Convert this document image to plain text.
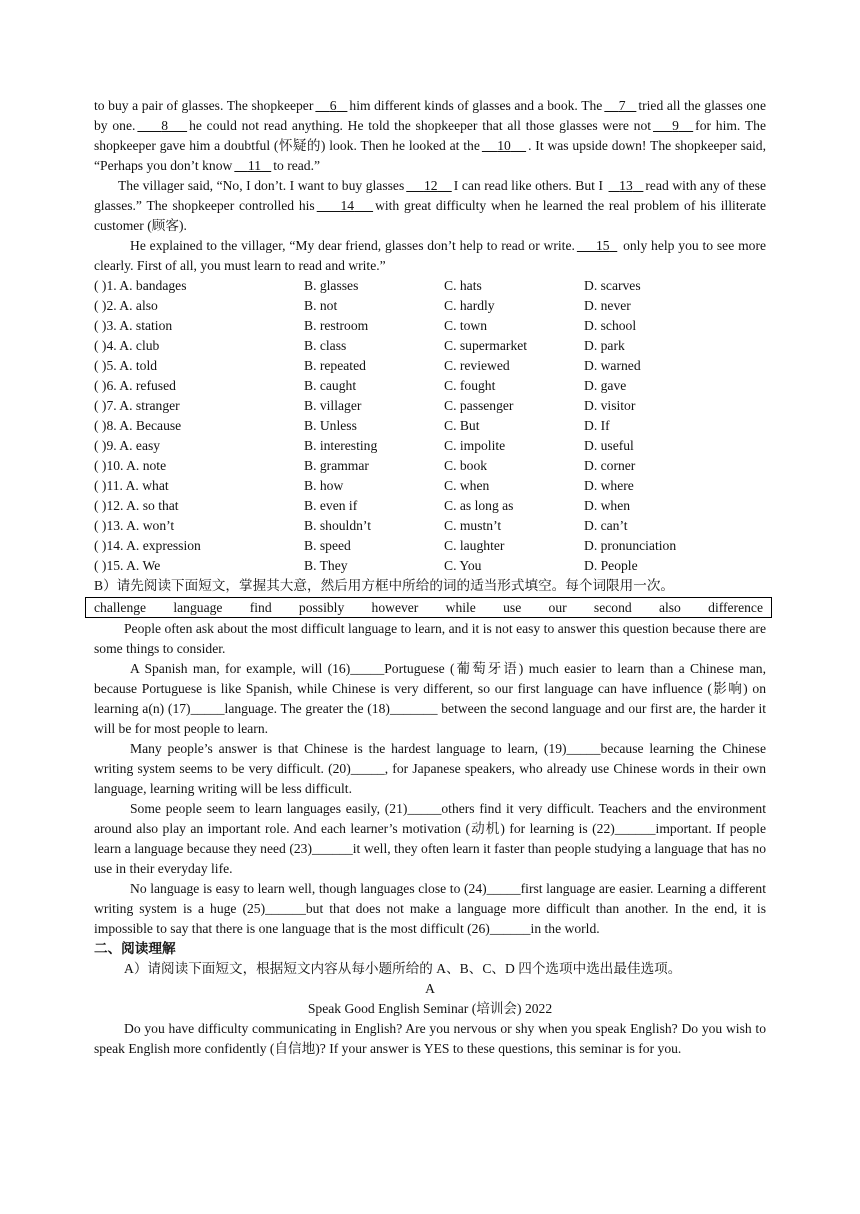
to buy a pair of glasses. The shopkeeper 6 him different kinds of glasses and a book. The 7 tried all the glasses one by one. 8 he could not read anything. He told the shopkeeper that all those glasses were not 9 for him. The shopkeeper gave him a doubtful (怀疑的) look. Then he looked at the 10 . It was upside down! The shopkeeper said, “Perhaps you don’t know 11 to read.”

The villager said, “No, I don’t. I want to buy glasses 12 I can read like others. But I 13 read with any of these glasses.” The shopkeeper controlled his 14 with great difficulty when he learned the real problem of his illiterate customer (顾客).

He explained to the villager, “My dear friend, glasses don’t help to read or write. 15   only help you to see more clearly. First of all, you must learn to read and write.”

( )1. A. bandages	B. glasses	C. hats	D. scarves
( )2. A. also	B. not	C. hardly	D. never
( )3. A. station	B. restroom	C. town	D. school
( )4. A. club	B. class	C. supermarket	D. park
( )5. A. told	B. repeated	C. reviewed	D. warned
( )6. A. refused	B. caught	C. fought	D. gave
( )7. A. stranger	B. villager	C. passenger	D. visitor
( )8. A. Because	B. Unless	C. But	D. If
( )9. A. easy	B. interesting	C. impolite	D. useful
( )10. A. note	B. grammar	C. book	D. corner
( )11. A. what	B. how	C. when	D. where
( )12. A. so that	B. even if	C. as long as	D. when
( )13. A. won’t	B. shouldn’t	C. mustn’t	D. can’t
( )14. A. expression	B. speed	C. laughter	D. pronunciation
( )15. A. We	B. They	C. You	D. People

B）请先阅读下面短文，掌握其大意，然后用方框中所给的词的适当形式填空。每个词限用一次。

challenge language find possibly however while use our second also difference

People often ask about the most difficult language to learn, and it is not easy to answer this question because there are some things to consider.

A Spanish man, for example, will (16)_____Portuguese (葡萄牙语) much easier to learn than a Chinese man, because Portuguese is like Spanish, while Chinese is very different, so our first language can have influence (影响) on learning a(n) (17)_____language. The greater the (18)_______ between the second language and our first are, the harder it will be for most people to learn.

Many people’s answer is that Chinese is the hardest language to learn, (19)_____because learning the Chinese writing system seems to be very difficult. (20)_____, for Japanese speakers, who already use Chinese words in their own language, learning writing will be less difficult.

Some people seem to learn languages easily, (21)_____others find it very difficult. Teachers and the environment around also play an important role. And each learner’s motivation (动机) for learning is (22)______important. If people learn a language because they need (23)______it well, they often learn it faster than people studying a language that has no use in their everyday life.

No language is easy to learn well, though languages close to (24)_____first language are easier. Learning a different writing system is a huge (25)______but that does not make a language more difficult than another. In the end, it is impossible to say that there is one language that is the most difficult (26)______in the world.

二、阅读理解

A）请阅读下面短文，根据短文内容从每小题所给的 A、B、C、D 四个选项中选出最佳选项。

A

Speak Good English Seminar (培训会) 2022

Do you have difficulty communicating in English? Are you nervous or shy when you speak English? Do you wish to speak English more confidently (自信地)? If your answer is YES to these questions, this seminar is for you.
